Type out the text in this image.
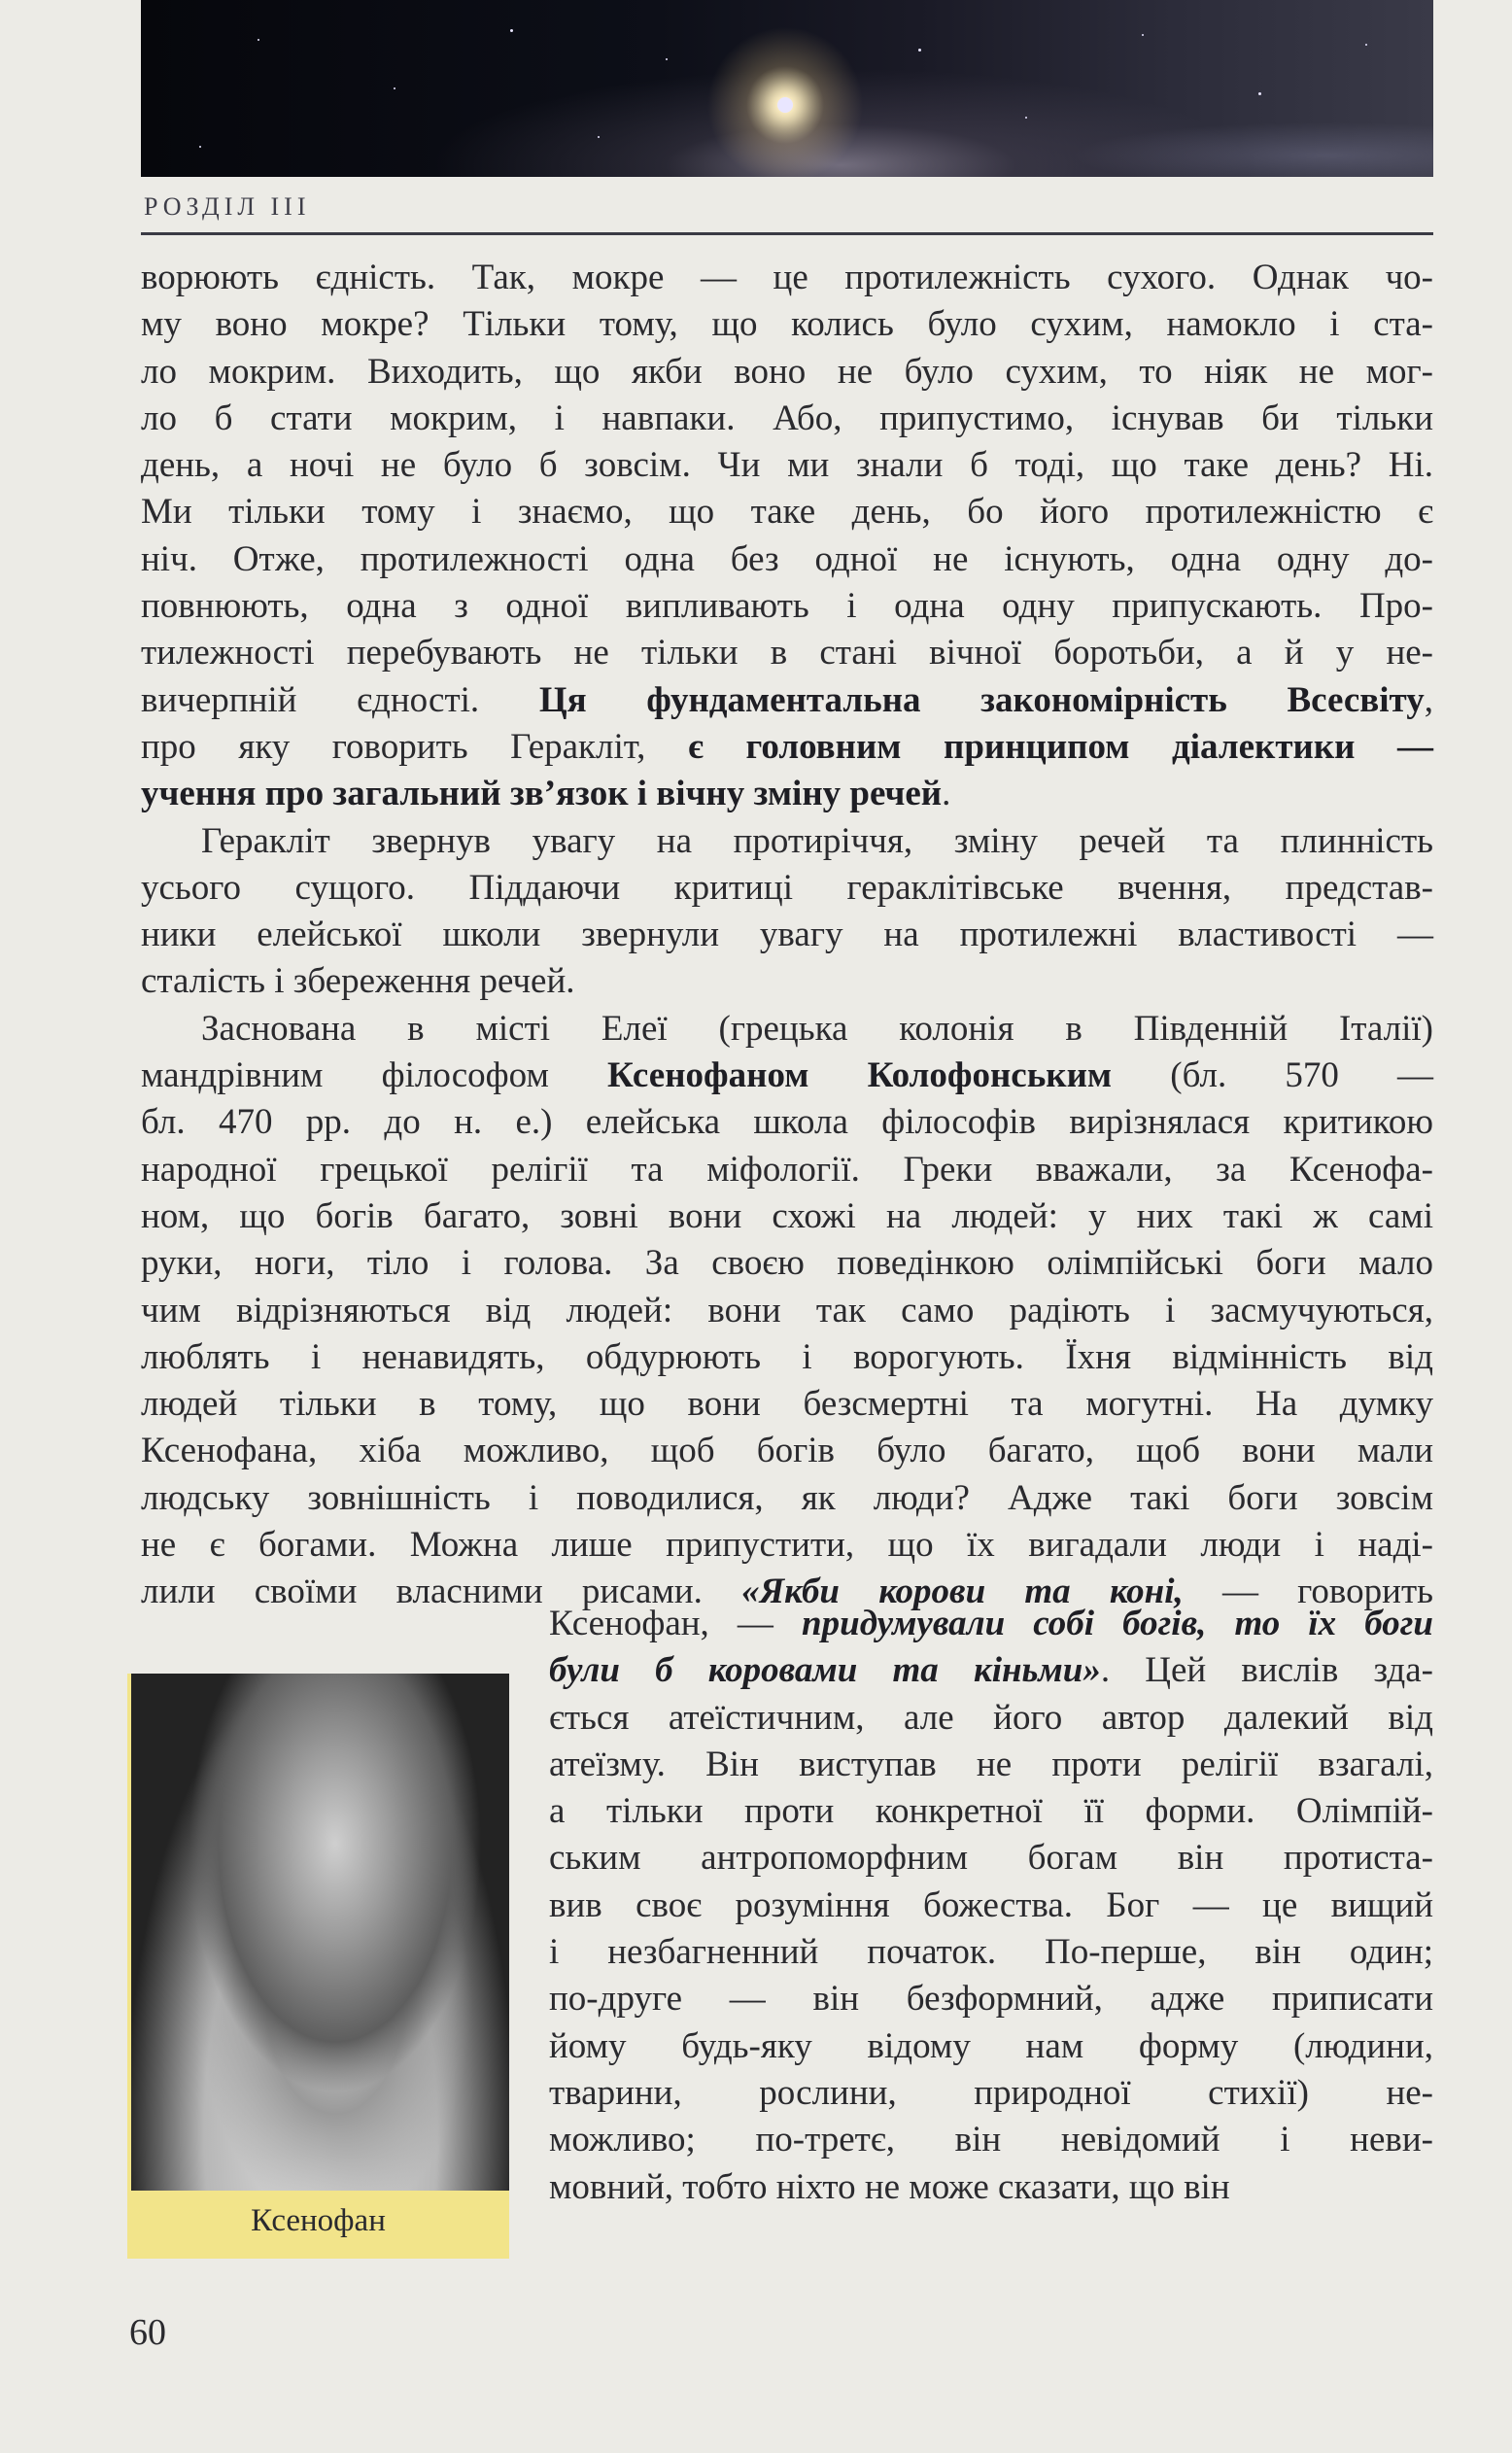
РОЗДІЛ ІІІ
ворюють єдність. Так, мокре — це протилежність сухого. Однак чо-
му воно мокре? Тільки тому, що колись було сухим, намокло і ста-
ло мокрим. Виходить, що якби воно не було сухим, то ніяк не мог-
ло б стати мокрим, і навпаки. Або, припустимо, існував би тільки
день, а ночі не було б зовсім. Чи ми знали б тоді, що таке день? Ні.
Ми тільки тому і знаємо, що таке день, бо його протилежністю є
ніч. Отже, протилежності одна без одної не існують, одна одну до-
повнюють, одна з одної випливають і одна одну припускають. Про-
тилежності перебувають не тільки в стані вічної боротьби, а й у не-
вичерпній єдності. Ця фундаментальна закономірність Всесвіту,
про яку говорить Геракліт, є головним принципом діалектики —
учення про загальний зв’язок і вічну зміну речей.
Геракліт звернув увагу на протиріччя, зміну речей та плинність
усього сущого. Піддаючи критиці гераклітівське вчення, представ-
ники елейської школи звернули увагу на протилежні властивості —
сталість і збереження речей.
Заснована в місті Елеї (грецька колонія в Південній Італії)
мандрівним філософом Ксенофаном Колофонським (бл. 570 —
бл. 470 рр. до н. е.) елейська школа філософів вирізнялася критикою
народної грецької релігії та міфології. Греки вважали, за Ксенофа-
ном, що богів багато, зовні вони схожі на людей: у них такі ж самі
руки, ноги, тіло і голова. За своєю поведінкою олімпійські боги мало
чим відрізняються від людей: вони так само радіють і засмучуються,
люблять і ненавидять, обдурюють і ворогують. Їхня відмінність від
людей тільки в тому, що вони безсмертні та могутні. На думку
Ксенофана, хіба можливо, щоб богів було багато, щоб вони мали
людську зовнішність і поводилися, як люди? Адже такі боги зовсім
не є богами. Можна лише припустити, що їх вигадали люди і наді-
лили своїми власними рисами. «Якби корови та коні, — говорить
Ксенофан, — придумували собі богів, то їх боги
були б коровами та кіньми». Цей вислів зда-
ється атеїстичним, але його автор далекий від
атеїзму. Він виступав не проти релігії взагалі,
а тільки проти конкретної її форми. Олімпій-
ським антропоморфним богам він протиста-
вив своє розуміння божества. Бог — це вищий
і незбагненний початок. По-перше, він один;
по-друге — він безформний, адже приписати
йому будь-яку відому нам форму (людини,
тварини, рослини, природної стихії) не-
можливо; по-третє, він невідомий і неви-
мовний, тобто ніхто не може сказати, що він
Ксенофан
60
